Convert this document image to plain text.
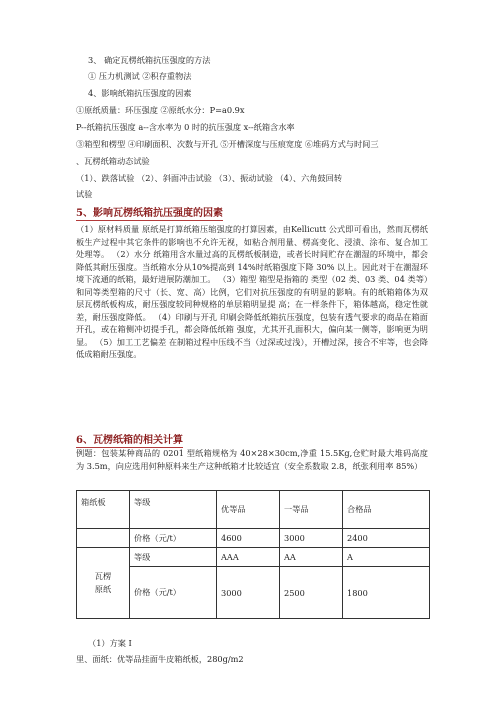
3、 确定瓦楞纸箱抗压强度的方法
① 压力机测试 ②积存重物法
4、影响纸箱抗压强度的因素
①原纸质量：环压强度 ②原纸水分：P=a0.9x
P--纸箱抗压强度 a--含水率为 0 时的抗压强度 x--纸箱含水率
③箱型和楞型 ④印刷面积、次数与开孔 ⑤开槽深度与压痕宽度 ⑥堆码方式与时间三
、瓦楞纸箱动态试验
（1）、跌落试验 （2）、斜面冲击试验 （3）、振动试验 （4）、六角鼓回转
试验
5、影响瓦楞纸箱抗压强度的因素
（1）原材料质量 原纸是打算纸箱压缩强度的打算因素，由Kellicutt 公式即可看出，然而瓦楞纸板生产过程中其它条件的影响也不允许无视，如粘合剂用量、楞高变化、浸渍、涂布、复合加工处理等。 （2）水分 纸箱用含水量过高的瓦楞纸板制造，或者长时间贮存在潮湿的环境中，都会降低其耐压强度。当纸箱水分从10%提高到 14%时纸箱强度下降 30% 以上。因此对于在潮湿环境下流通的纸箱，最好进展防潮加工。 （3）箱型 箱型是指箱的 类型（02 类、03 类、04 类等）和同等类型箱的尺寸（长、宽、高）比例，它们对抗压强度的有明显的影响。有的纸箱箱体为双层瓦楞纸板构成，耐压强度较同种规格的单层箱明显提 高；在一样条件下，箱体越高，稳定性就差，耐压强度降低。 （4）印刷与开孔 印刷会降低纸箱抗压强度，包装有透气要求的商品在箱面开孔，或在箱侧冲切提手孔，都会降低纸箱 强度，尤其开孔面积大，偏向某一侧等，影响更为明显。 （5）加工工艺偏差 在制箱过程中压线不当（过深或过浅），开槽过深，接合不牢等，也会降低成箱耐压强度。
6、瓦楞纸箱的相关计算
例题：包装某种商品的 0201 型纸箱规格为 40×28×30cm,净重 15.5Kg,仓贮时最大堆码高度为 3.5m，向应选用何种原料来生产这种纸箱才比较适宜（安全系数取 2.8，纸张利用率 85%）
箱纸板	等级	优等品	一等品	合格品
	价格（元/t）	4600	3000	2400
瓦楞原纸	等级	AAA	AA	A
	价格（元/t）	3000	2500	1800
（1）方案 I
里、面纸：优等品挂面牛皮箱纸板，280g/m2
